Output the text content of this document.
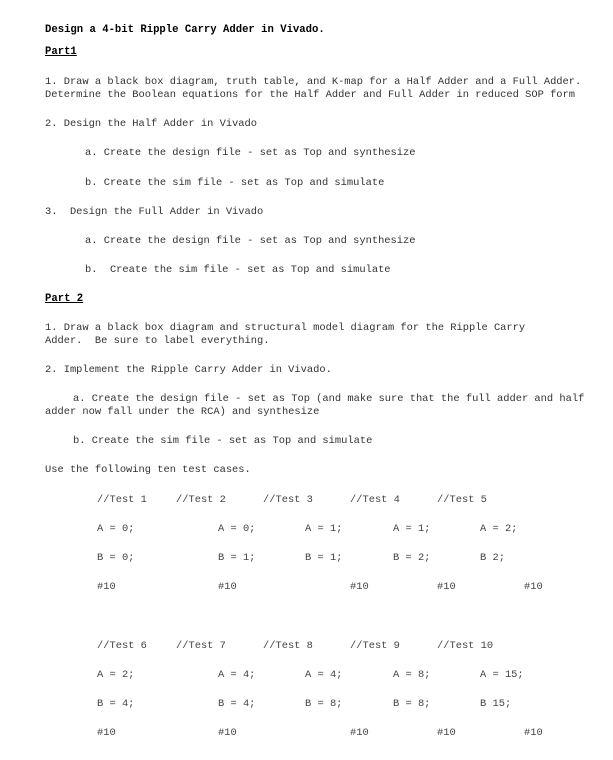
Design a 4-bit Ripple Carry Adder in Vivado.
Part1
1. Draw a black box diagram, truth table, and K-map for a Half Adder and a Full Adder.
Determine the Boolean equations for the Half Adder and Full Adder in reduced SOP form
2. Design the Half Adder in Vivado
a. Create the design file - set as Top and synthesize
b. Create the sim file - set as Top and simulate
3.  Design the Full Adder in Vivado
a. Create the design file - set as Top and synthesize
b.  Create the sim file - set as Top and simulate
Part 2
1. Draw a black box diagram and structural model diagram for the Ripple Carry
Adder.  Be sure to label everything.
2. Implement the Ripple Carry Adder in Vivado.
a. Create the design file - set as Top (and make sure that the full adder and half
adder now fall under the RCA) and synthesize
b. Create the sim file - set as Top and simulate
Use the following ten test cases.
//Test 1	//Test 2	//Test 3	//Test 4	//Test 5
A = 0;	A = 0;	A = 1;	A = 1;	A = 2;
B = 0;	B = 1;	B = 1;	B = 2;	B 2;
#10	#10	#10	#10	#10
//Test 6	//Test 7	//Test 8	//Test 9	//Test 10
A = 2;	A = 4;	A = 4;	A = 8;	A = 15;
B = 4;	B = 4;	B = 8;	B = 8;	B 15;
#10	#10	#10	#10	#10
